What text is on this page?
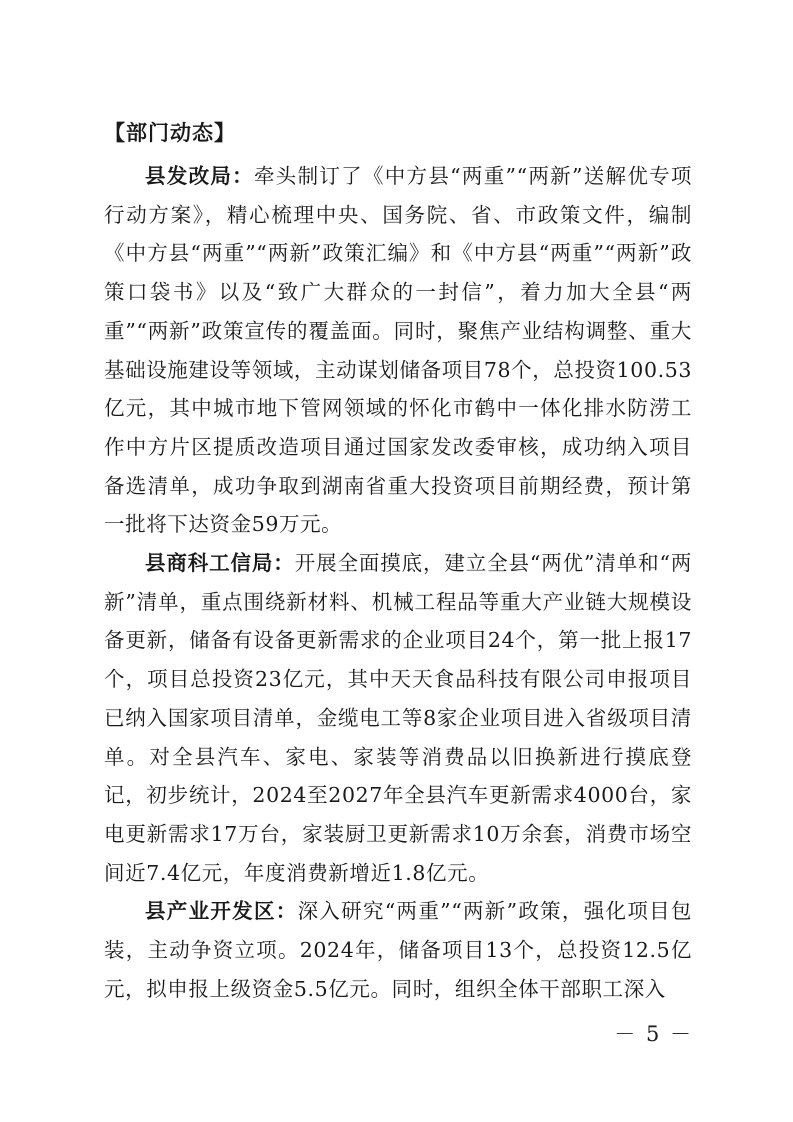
【部门动态】

县发改局：牵头制订了《中方县“两重”“两新”送解优专项行动方案》，精心梳理中央、国务院、省、市政策文件，编制《中方县“两重”“两新”政策汇编》和《中方县“两重”“两新”政策口袋书》以及“致广大群众的一封信”，着力加大全县“两重”“两新”政策宣传的覆盖面。同时，聚焦产业结构调整、重大基础设施建设等领域，主动谋划储备项目78个，总投资100.53亿元，其中城市地下管网领域的怀化市鹤中一体化排水防涝工作中方片区提质改造项目通过国家发改委审核，成功纳入项目备选清单，成功争取到湖南省重大投资项目前期经费，预计第一批将下达资金59万元。

县商科工信局：开展全面摸底，建立全县“两优”清单和“两新”清单，重点围绕新材料、机械工程品等重大产业链大规模设备更新，储备有设备更新需求的企业项目24个，第一批上报17个，项目总投资23亿元，其中天天食品科技有限公司申报项目已纳入国家项目清单，金缆电工等8家企业项目进入省级项目清单。对全县汽车、家电、家装等消费品以旧换新进行摸底登记，初步统计，2024至2027年全县汽车更新需求4000台，家电更新需求17万台，家装厨卫更新需求10万余套，消费市场空间近7.4亿元，年度消费新增近1.8亿元。

县产业开发区：深入研究“两重”“两新”政策，强化项目包装，主动争资立项。2024年，储备项目13个，总投资12.5亿元，拟申报上级资金5.5亿元。同时，组织全体干部职工深入

－ 5 －
